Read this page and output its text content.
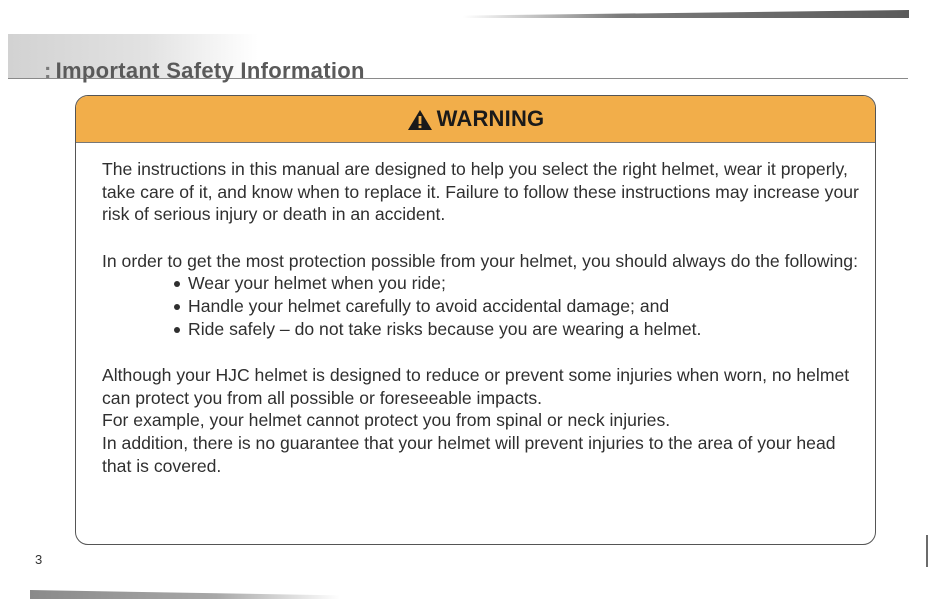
: Important Safety Information
WARNING

The instructions in this manual are designed to help you select the right helmet, wear it properly, take care of it, and know when to replace it. Failure to follow these instructions may increase your risk of serious injury or death in an accident.

In order to get the most protection possible from your helmet, you should always do the following:

Wear your helmet when you ride;
Handle your helmet carefully to avoid accidental damage; and
Ride safely – do not take risks because you are wearing a helmet.

Although your HJC helmet is designed to reduce or prevent some injuries when worn, no helmet can protect you from all possible or foreseeable impacts.

For example, your helmet cannot protect you from spinal or neck injuries.

In addition, there is no guarantee that your helmet will prevent injuries to the area of your head that is covered.

3
